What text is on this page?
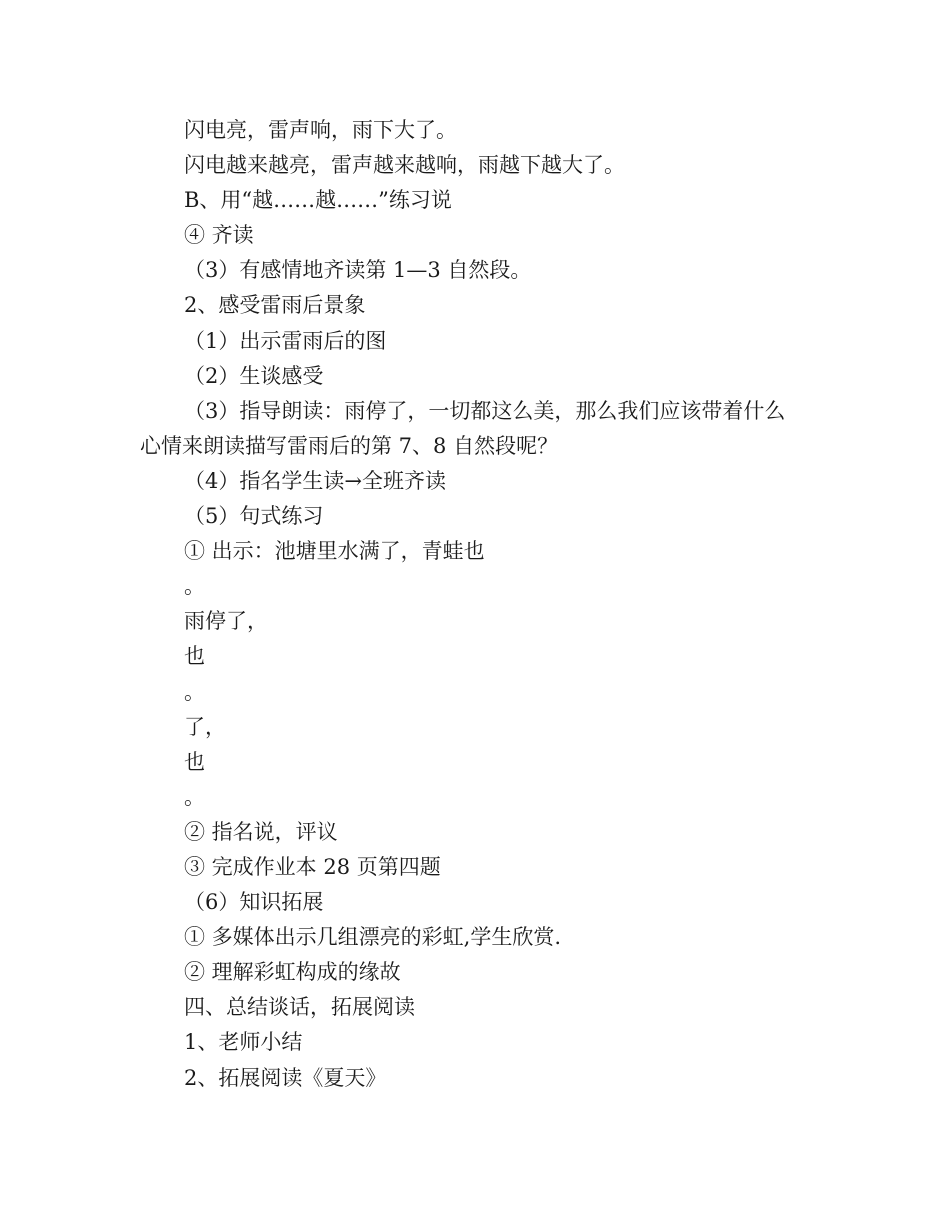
闪电亮，雷声响，雨下大了。
闪电越来越亮，雷声越来越响，雨越下越大了。
B、用“越……越……”练习说
④ 齐读
（3）有感情地齐读第 1—3 自然段。
2、感受雷雨后景象
（1）出示雷雨后的图
（2）生谈感受
（3）指导朗读：雨停了，一切都这么美，那么我们应该带着什么
心情来朗读描写雷雨后的第 7、8 自然段呢？
（4）指名学生读→全班齐读
（5）句式练习
① 出示：池塘里水满了，青蛙也
。
雨停了，
也
。
了，
也
。
② 指名说，评议
③ 完成作业本 28 页第四题
（6）知识拓展
① 多媒体出示几组漂亮的彩虹,学生欣赏.
② 理解彩虹构成的缘故
四、总结谈话，拓展阅读
1、老师小结
2、拓展阅读《夏天》
